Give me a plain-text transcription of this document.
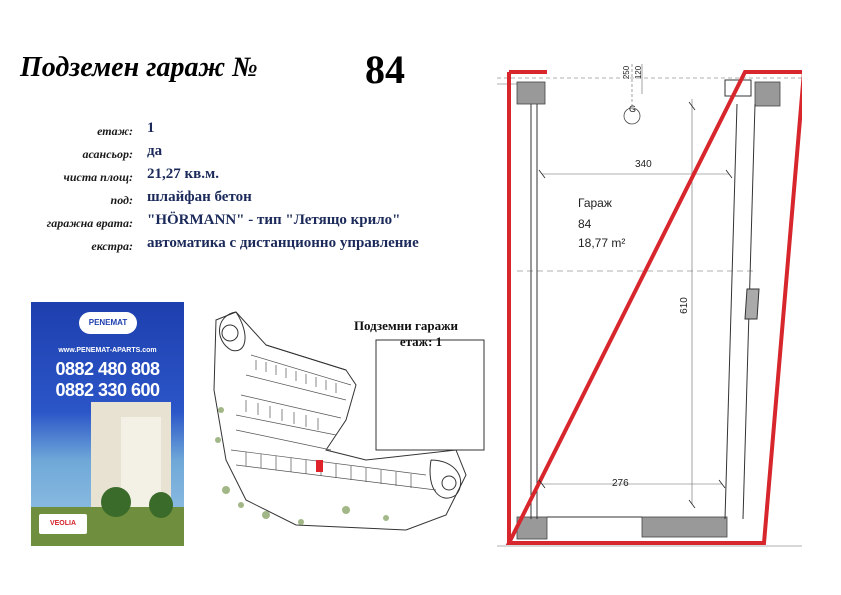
Подземен гараж №	84
етаж: 1
асансьор: да
чиста площ: 21,27 кв.м.
под: шлайфан бетон
гаражна врата: "HÖRMANN" - тип "Летящо крило"
екстра: автоматика с дистанционно управление
PENEMAT
www.PENEMAT-APARTS.com
0882 480 808
0882 330 600
VEOLIA
Подземни гаражи
етаж: 1
G
250 120
340
276
610
Гараж
84
18,77 m²
